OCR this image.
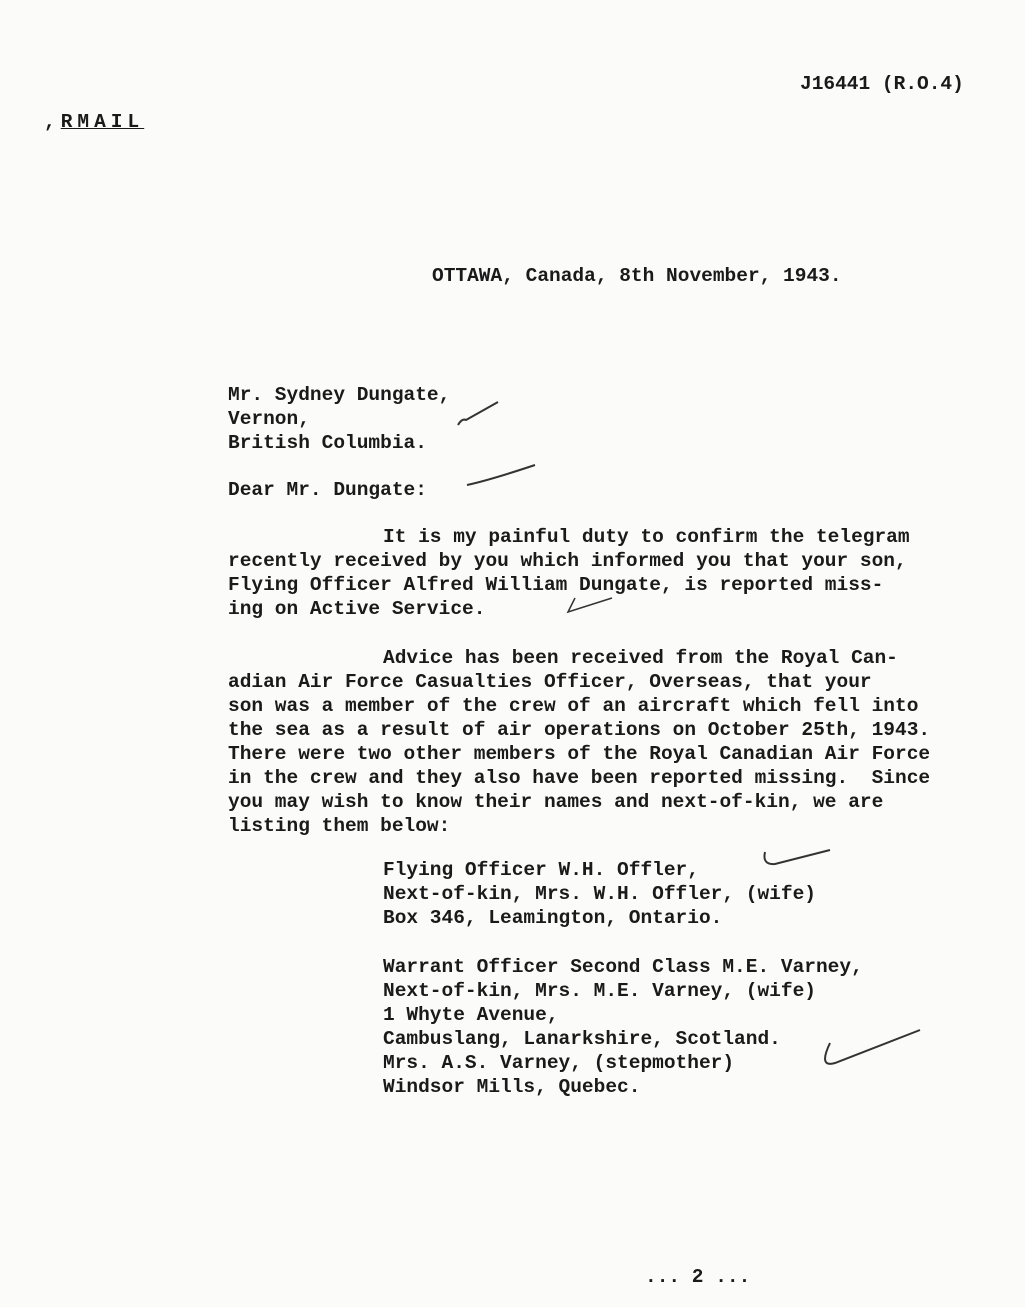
J16441 (R.O.4)
,RMAIL
OTTAWA, Canada, 8th November, 1943.
Mr. Sydney Dungate,
Vernon,
British Columbia.
Dear Mr. Dungate:
It is my painful duty to confirm the telegram
recently received by you which informed you that your son,
Flying Officer Alfred William Dungate, is reported miss-
ing on Active Service.
Advice has been received from the Royal Can-
adian Air Force Casualties Officer, Overseas, that your
son was a member of the crew of an aircraft which fell into
the sea as a result of air operations on October 25th, 1943.
There were two other members of the Royal Canadian Air Force
in the crew and they also have been reported missing.  Since
you may wish to know their names and next-of-kin, we are
listing them below:
Flying Officer W.H. Offler,
Next-of-kin, Mrs. W.H. Offler, (wife)
Box 346, Leamington, Ontario.
Warrant Officer Second Class M.E. Varney,
Next-of-kin, Mrs. M.E. Varney, (wife)
1 Whyte Avenue,
Cambuslang, Lanarkshire, Scotland.
Mrs. A.S. Varney, (stepmother)
Windsor Mills, Quebec.
... 2 ...
